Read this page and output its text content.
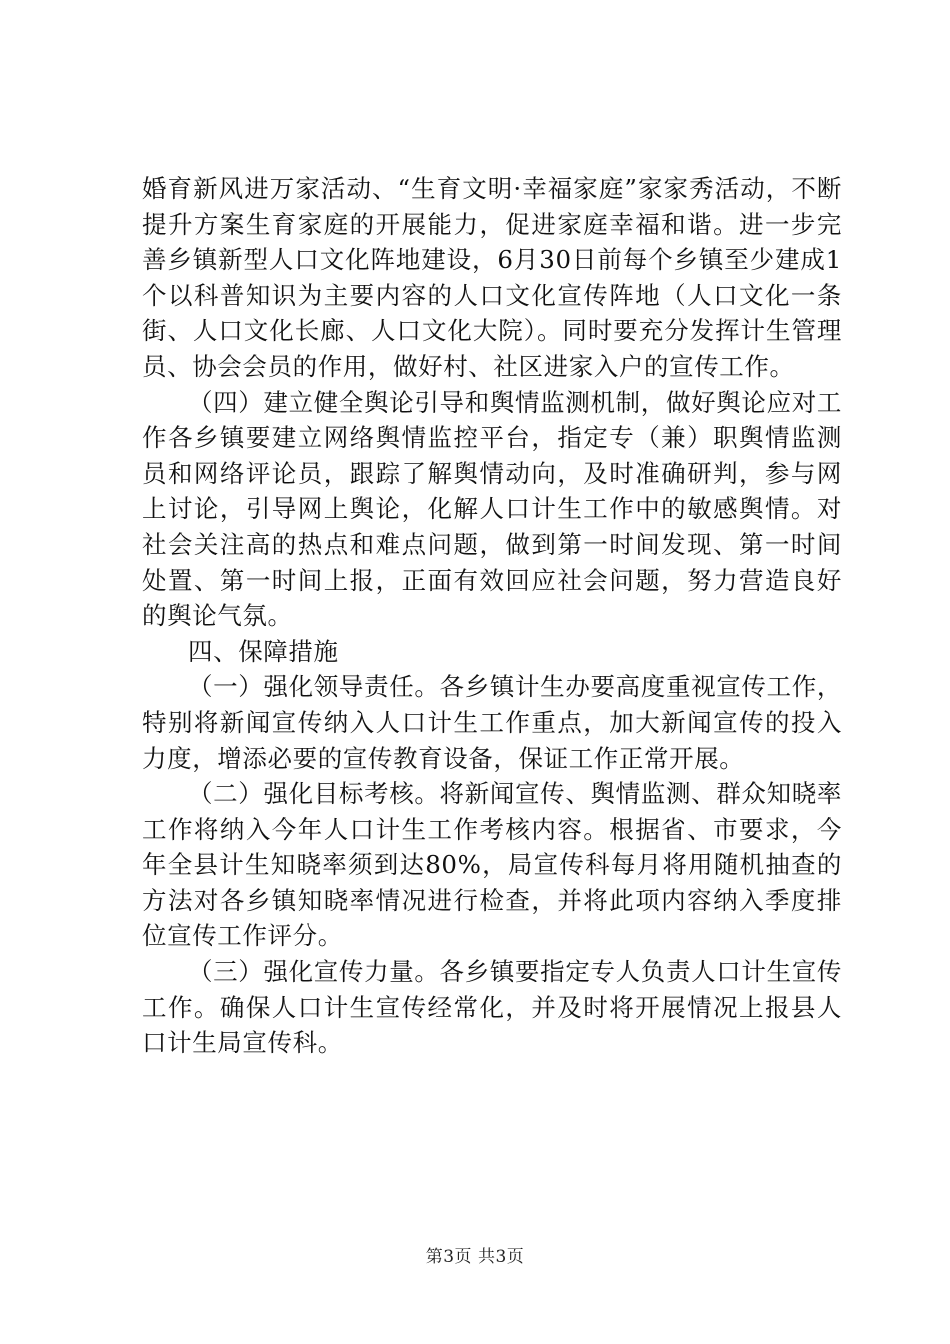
婚育新风进万家活动、“生育文明·幸福家庭”家家秀活动，不断提升方案生育家庭的开展能力，促进家庭幸福和谐。进一步完善乡镇新型人口文化阵地建设，6月30日前每个乡镇至少建成1个以科普知识为主要内容的人口文化宣传阵地（人口文化一条街、人口文化长廊、人口文化大院）。同时要充分发挥计生管理员、协会会员的作用，做好村、社区进家入户的宣传工作。

（四）建立健全舆论引导和舆情监测机制，做好舆论应对工作各乡镇要建立网络舆情监控平台，指定专（兼）职舆情监测员和网络评论员，跟踪了解舆情动向，及时准确研判，参与网上讨论，引导网上舆论，化解人口计生工作中的敏感舆情。对社会关注高的热点和难点问题，做到第一时间发现、第一时间处置、第一时间上报，正面有效回应社会问题，努力营造良好的舆论气氛。

四、保障措施

（一）强化领导责任。各乡镇计生办要高度重视宣传工作，特别将新闻宣传纳入人口计生工作重点，加大新闻宣传的投入力度，增添必要的宣传教育设备，保证工作正常开展。

（二）强化目标考核。将新闻宣传、舆情监测、群众知晓率工作将纳入今年人口计生工作考核内容。根据省、市要求，今年全县计生知晓率须到达80%，局宣传科每月将用随机抽查的方法对各乡镇知晓率情况进行检查，并将此项内容纳入季度排位宣传工作评分。

（三）强化宣传力量。各乡镇要指定专人负责人口计生宣传工作。确保人口计生宣传经常化，并及时将开展情况上报县人口计生局宣传科。

第3页 共3页
